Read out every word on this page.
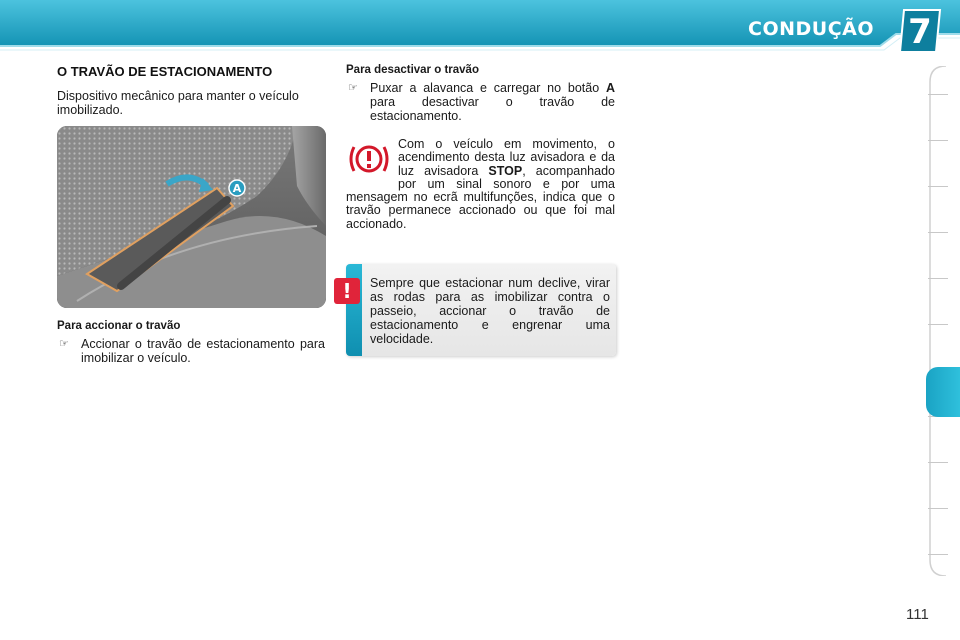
CONDUÇÃO 7
O TRAVÃO DE ESTACIONAMENTO
Dispositivo mecânico para manter o veículo imobilizado.
A
Para accionar o travão
☞ Accionar o travão de estacionamento para imobilizar o veículo.
Para desactivar o travão
☞ Puxar a alavanca e carregar no botão A para desactivar o travão de estacionamento.
Com o veículo em movimento, o acendimento desta luz avisadora e da luz avisadora STOP, acompanhado por um sinal sonoro e por uma mensagem no ecrã multifunções, indica que o travão permanece accionado ou que foi mal accionado.
!	Sempre que estacionar num declive, virar as rodas para as imobilizar contra o passeio, accionar o travão de estacionamento e engrenar uma velocidade.
111
